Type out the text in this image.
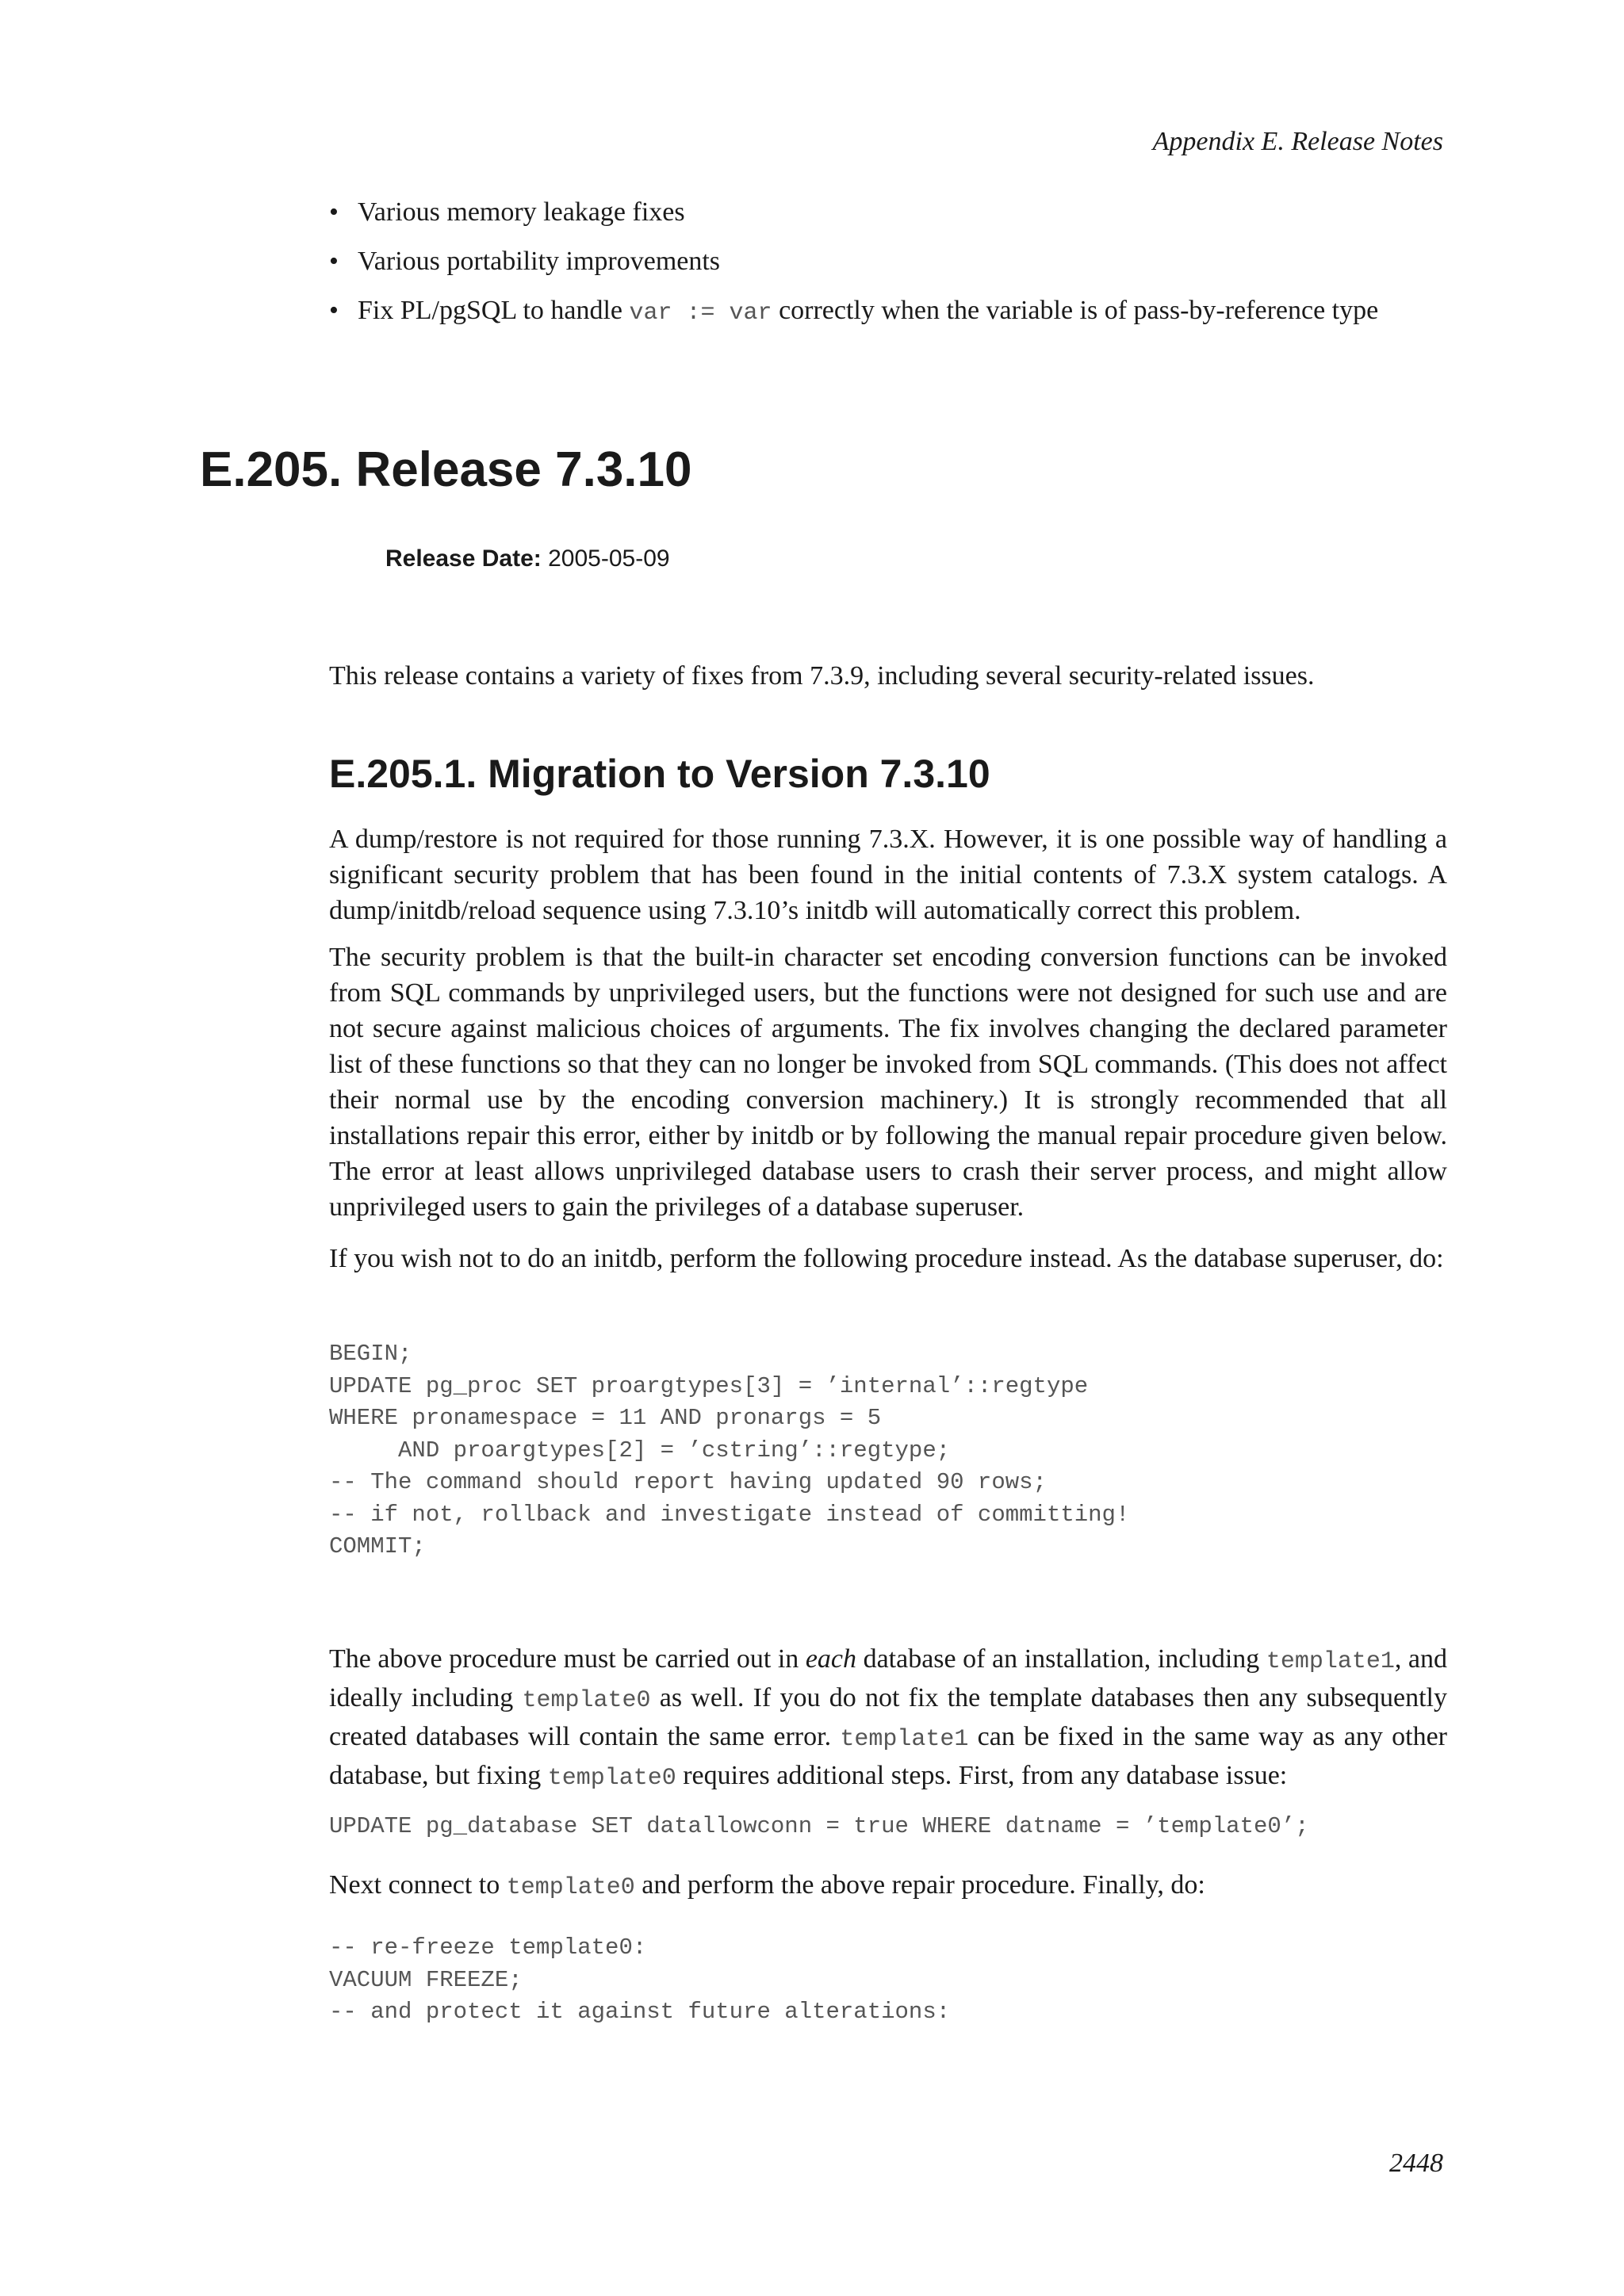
Appendix E. Release Notes
• Various memory leakage fixes
• Various portability improvements
• Fix PL/pgSQL to handle var := var correctly when the variable is of pass-by-reference type
E.205. Release 7.3.10
Release Date: 2005-05-09

This release contains a variety of fixes from 7.3.9, including several security-related issues.

E.205.1. Migration to Version 7.3.10

A dump/restore is not required for those running 7.3.X. However, it is one possible way of handling a significant security problem that has been found in the initial contents of 7.3.X system catalogs. A dump/initdb/reload sequence using 7.3.10’s initdb will automatically correct this problem.

The security problem is that the built-in character set encoding conversion functions can be invoked from SQL commands by unprivileged users, but the functions were not designed for such use and are not secure against malicious choices of arguments. The fix involves changing the declared parameter list of these functions so that they can no longer be invoked from SQL commands. (This does not affect their normal use by the encoding conversion machinery.) It is strongly recommended that all installations repair this error, either by initdb or by following the manual repair procedure given below. The error at least allows unprivileged database users to crash their server process, and might allow unprivileged users to gain the privileges of a database superuser.

If you wish not to do an initdb, perform the following procedure instead. As the database superuser, do:

BEGIN;
UPDATE pg_proc SET proargtypes[3] = ’internal’::regtype
WHERE pronamespace = 11 AND pronargs = 5
AND proargtypes[2] = ’cstring’::regtype;
-- The command should report having updated 90 rows;
-- if not, rollback and investigate instead of committing!
COMMIT;

The above procedure must be carried out in each database of an installation, including template1, and ideally including template0 as well. If you do not fix the template databases then any subsequently created databases will contain the same error. template1 can be fixed in the same way as any other database, but fixing template0 requires additional steps. First, from any database issue:

UPDATE pg_database SET datallowconn = true WHERE datname = ’template0’;

Next connect to template0 and perform the above repair procedure. Finally, do:

-- re-freeze template0:
VACUUM FREEZE;
-- and protect it against future alterations:
2448
